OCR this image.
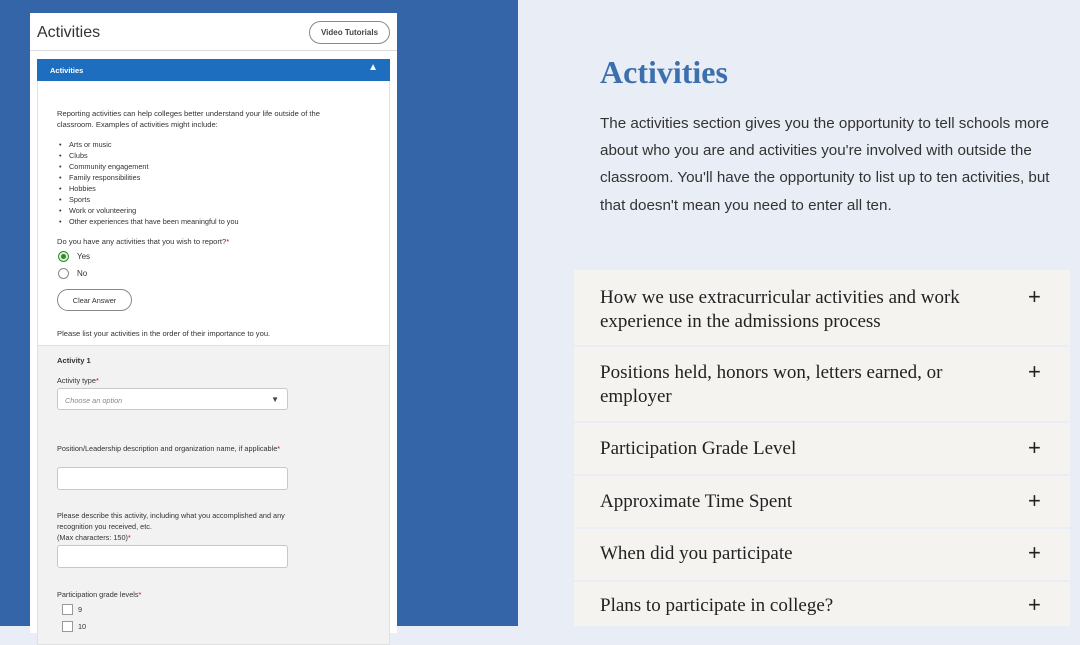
Activities	Video Tutorials
Activities	▲
Reporting activities can help colleges better understand your life outside of the classroom. Examples of activities might include:
• Arts or music
• Clubs
• Community engagement
• Family responsibilities
• Hobbies
• Sports
• Work or volunteering
• Other experiences that have been meaningful to you
Do you have any activities that you wish to report?*
Yes
No
Clear Answer
Please list your activities in the order of their importance to you.
Activity 1
Activity type*
Choose an option	▼
Position/Leadership description and organization name, if applicable*
Please describe this activity, including what you accomplished and any recognition you received, etc.
(Max characters: 150)*
Participation grade levels*
9
10
Activities

The activities section gives you the opportunity to tell schools more about who you are and activities you're involved with outside the classroom. You'll have the opportunity to list up to ten activities, but that doesn't mean you need to enter all ten.

How we use extracurricular activities and work experience in the admissions process
+
Positions held, honors won, letters earned, or employer
+
Participation Grade Level	+
Approximate Time Spent	+
When did you participate	+
Plans to participate in college?	+
